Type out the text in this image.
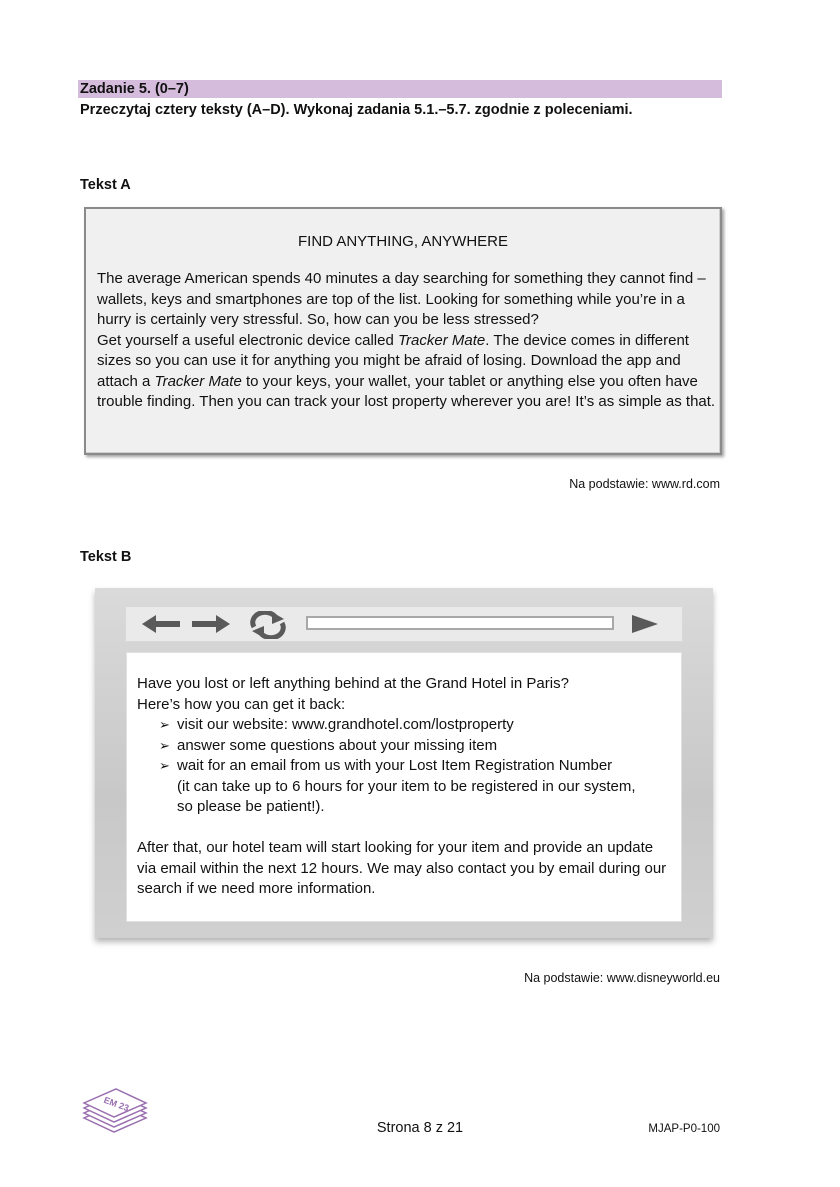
Zadanie 5. (0–7)
Przeczytaj cztery teksty (A–D). Wykonaj zadania 5.1.–5.7. zgodnie z poleceniami.
Tekst A
FIND ANYTHING, ANYWHERE
The average American spends 40 minutes a day searching for something they cannot find – wallets, keys and smartphones are top of the list. Looking for something while you’re in a hurry is certainly very stressful. So, how can you be less stressed?
Get yourself a useful electronic device called Tracker Mate. The device comes in different sizes so you can use it for anything you might be afraid of losing. Download the app and attach a Tracker Mate to your keys, your wallet, your tablet or anything else you often have trouble finding. Then you can track your lost property wherever you are! It’s as simple as that.
Na podstawie: www.rd.com
Tekst B

Have you lost or left anything behind at the Grand Hotel in Paris?

Here’s how you can get it back:

➢ visit our website: www.grandhotel.com/lostproperty
➢ answer some questions about your missing item
➢ wait for an email from us with your Lost Item Registration Number
(it can take up to 6 hours for your item to be registered in our system,
so please be patient!).

After that, our hotel team will start looking for your item and provide an update via email within the next 12 hours. We may also contact you by email during our search if we need more information.

Na podstawie: www.disneyworld.eu
EM 23
Strona 8 z 21	MJAP-P0-100
